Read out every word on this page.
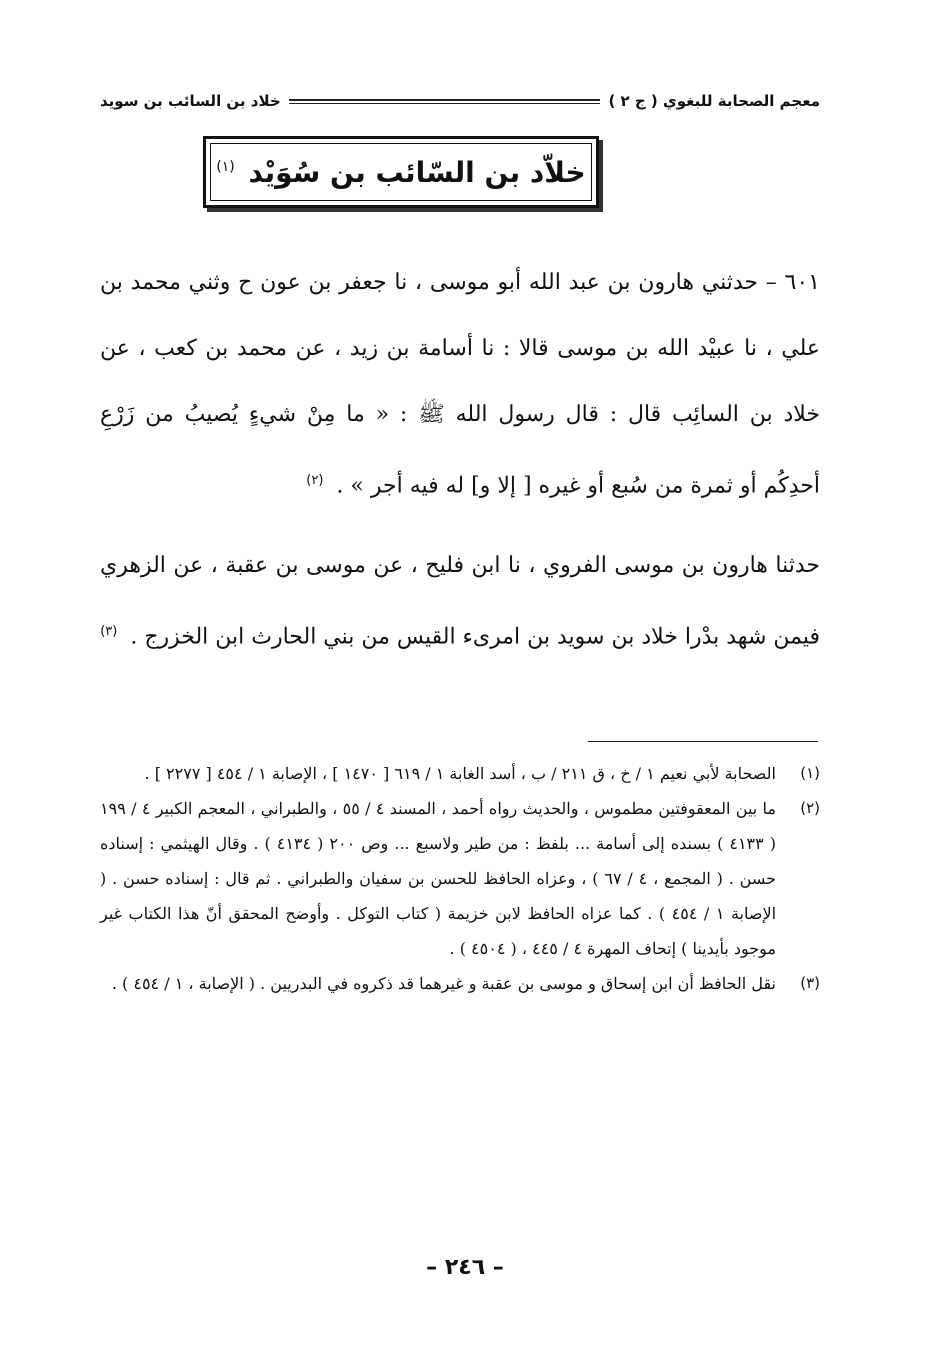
معجم الصحابة للبغوي ( ج ٢ )
خلاد بن السائب بن سويد
خلاّد بن السّائب بن سُوَيْد $^{(١)}$

٦٠١ – حدثني هارون بن عبد الله أبو موسى ، نا جعفر بن عون ح وثني محمد بن علي ، نا عبيْد الله بن موسى قالا : نا أسامة بن زيد ، عن محمد بن كعب ، عن خلاد بن السائِب قال : قال رسول الله ﷺ : « ما مِنْ شيءٍ يُصيبُ من زَرْعِ أحدِكُم أو ثمرة من سُبع أو غيره [ إلا و] له فيه أجر » . $^{(٢)}$

حدثنا هارون بن موسى الفروي ، نا ابن فليح ، عن موسى بن عقبة ، عن الزهري فيمن شهد بدْرا خلاد بن سويد بن امرىء القيس من بني الحارث ابن الخزرج . $^{(٣)}$

(١)
الصحابة لأبي نعيم ١ / خ ، ق ٢١١ / ب ، أسد الغابة ١ / ٦١٩ [ ١٤٧٠ ] ، الإصابة ١ / ٤٥٤ [ ٢٢٧٧ ] .
(٢)
ما بين المعقوفتين مطموس ، والحديث رواه أحمد ، المسند ٤ / ٥٥ ، والطبراني ، المعجم الكبير ٤ / ١٩٩ ( ٤١٣٣ ) بسنده إلى أسامة ... بلفظ : من طير ولاسبع ... وص ٢٠٠ ( ٤١٣٤ ) . وقال الهيثمي : إسناده حسن . ( المجمع ، ٤ / ٦٧ ) ، وعزاه الحافظ للحسن بن سفيان والطبراني . ثم قال : إسناده حسن . ( الإصابة ١ / ٤٥٤ ) . كما عزاه الحافظ لابن خزيمة ( كتاب التوكل . وأوضح المحقق أنّ هذا الكتاب غير موجود بأيدينا ) إتحاف المهرة ٤ / ٤٤٥ ، ( ٤٥٠٤ ) .
(٣)
نقل الحافظ أن ابن إسحاق و موسى بن عقبة و غيرهما قد ذكروه في البدريين . ( الإصابة ، ١ / ٤٥٤ ) .
– ٢٤٦ –
